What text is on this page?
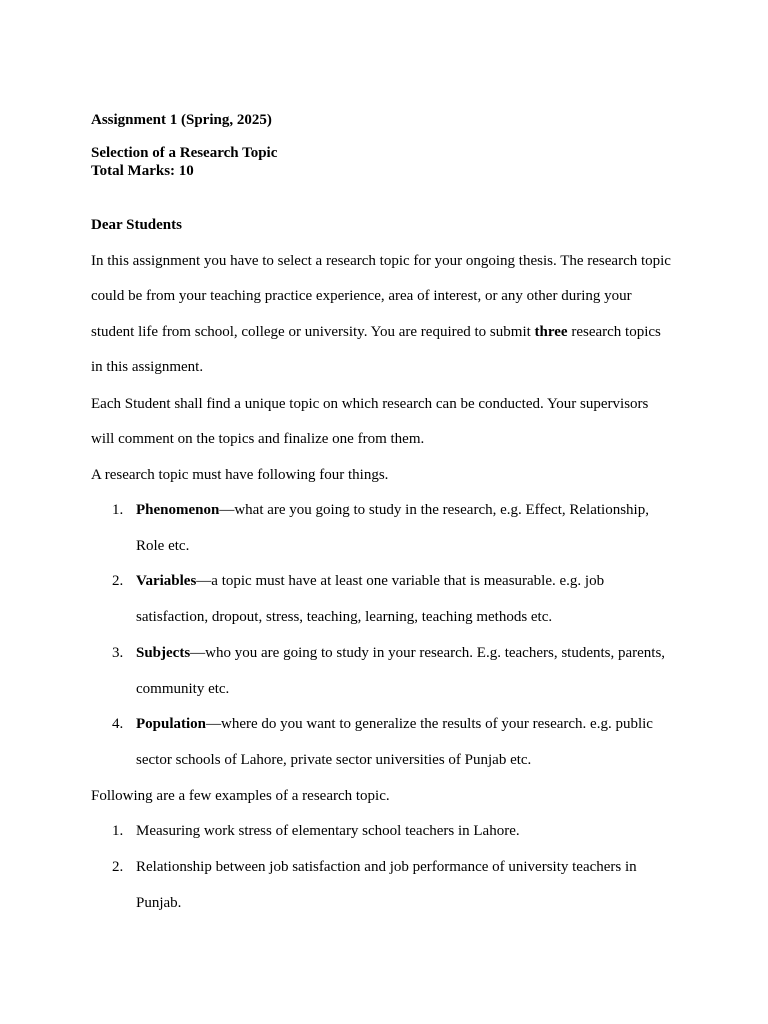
Assignment 1 (Spring, 2025)
Selection of a Research Topic
Total Marks: 10
Dear Students
In this assignment you have to select a research topic for your ongoing thesis. The research topic
could be from your teaching practice experience, area of interest, or any other during your
student life from school, college or university. You are required to submit three research topics
in this assignment.
Each Student shall find a unique topic on which research can be conducted. Your supervisors
will comment on the topics and finalize one from them.
A research topic must have following four things.
1. Phenomenon—what are you going to study in the research, e.g. Effect, Relationship,
Role etc.
2. Variables—a topic must have at least one variable that is measurable. e.g. job
satisfaction, dropout, stress, teaching, learning, teaching methods etc.
3. Subjects—who you are going to study in your research. E.g. teachers, students, parents,
community etc.
4. Population—where do you want to generalize the results of your research. e.g. public
sector schools of Lahore, private sector universities of Punjab etc.
Following are a few examples of a research topic.
1. Measuring work stress of elementary school teachers in Lahore.
2. Relationship between job satisfaction and job performance of university teachers in
Punjab.
